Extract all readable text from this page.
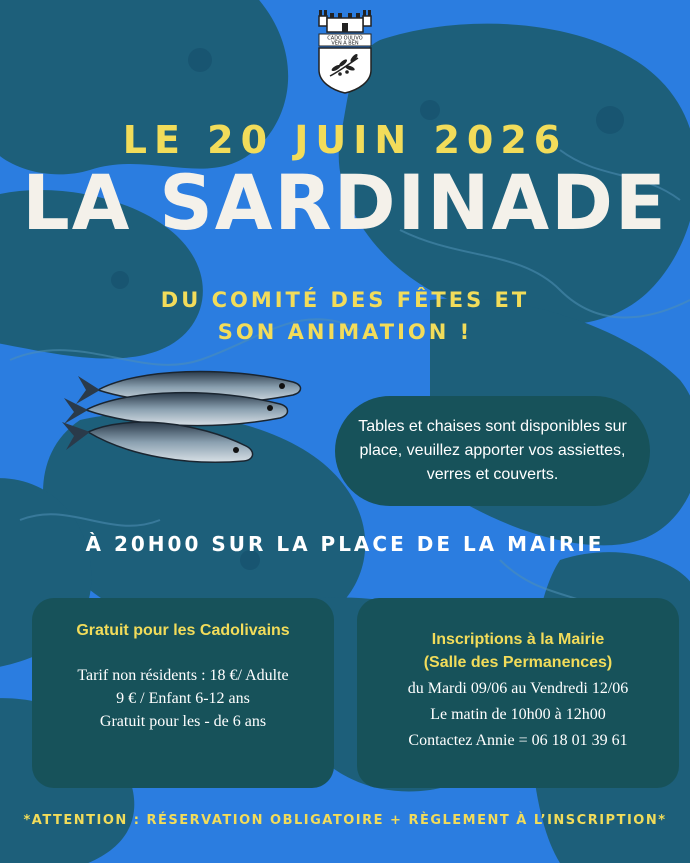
CADO OULIVO
VEN A BEN
LE 20 JUIN 2026
LA SARDINADE
DU COMITÉ DES FÊTES ET
SON ANIMATION !
Tables et chaises sont disponibles sur place, veuillez apporter vos assiettes, verres et couverts.
À 20H00 SUR LA PLACE DE LA MAIRIE
Gratuit pour les Cadolivains
Tarif non résidents : 18 €/ Adulte
9 € / Enfant 6-12 ans
Gratuit pour les - de 6 ans
Inscriptions à la Mairie
(Salle des Permanences)
du Mardi 09/06 au Vendredi 12/06
Le matin de 10h00 à 12h00
Contactez Annie = 06 18 01 39 61
*ATTENTION : RÉSERVATION OBLIGATOIRE + RÈGLEMENT À L’INSCRIPTION*
